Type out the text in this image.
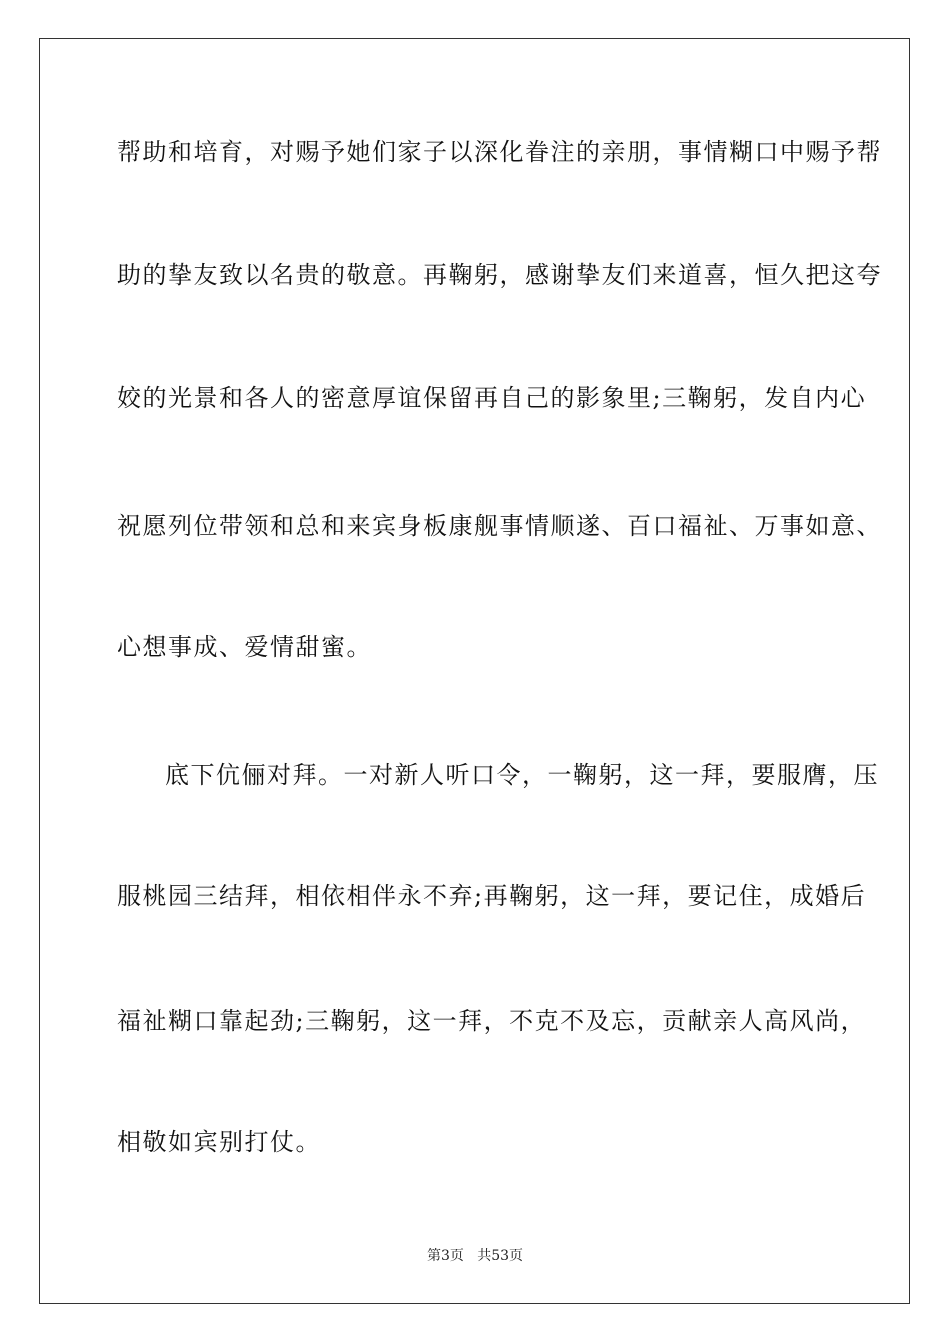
帮助和培育，对赐予她们家子以深化眷注的亲朋，事情糊口中赐予帮
助的挚友致以名贵的敬意。再鞠躬，感谢挚友们来道喜，恒久把这夸
姣的光景和各人的密意厚谊保留再自己的影象里;三鞠躬，发自内心
祝愿列位带领和总和来宾身板康舰事情顺遂、百口福祉、万事如意、
心想事成、爱情甜蜜。
底下伉俪对拜。一对新人听口令，一鞠躬，这一拜，要服膺，压
服桃园三结拜，相依相伴永不弃;再鞠躬，这一拜，要记住，成婚后
福祉糊口靠起劲;三鞠躬，这一拜，不克不及忘，贡献亲人高风尚，
相敬如宾别打仗。
第3页   共53页
